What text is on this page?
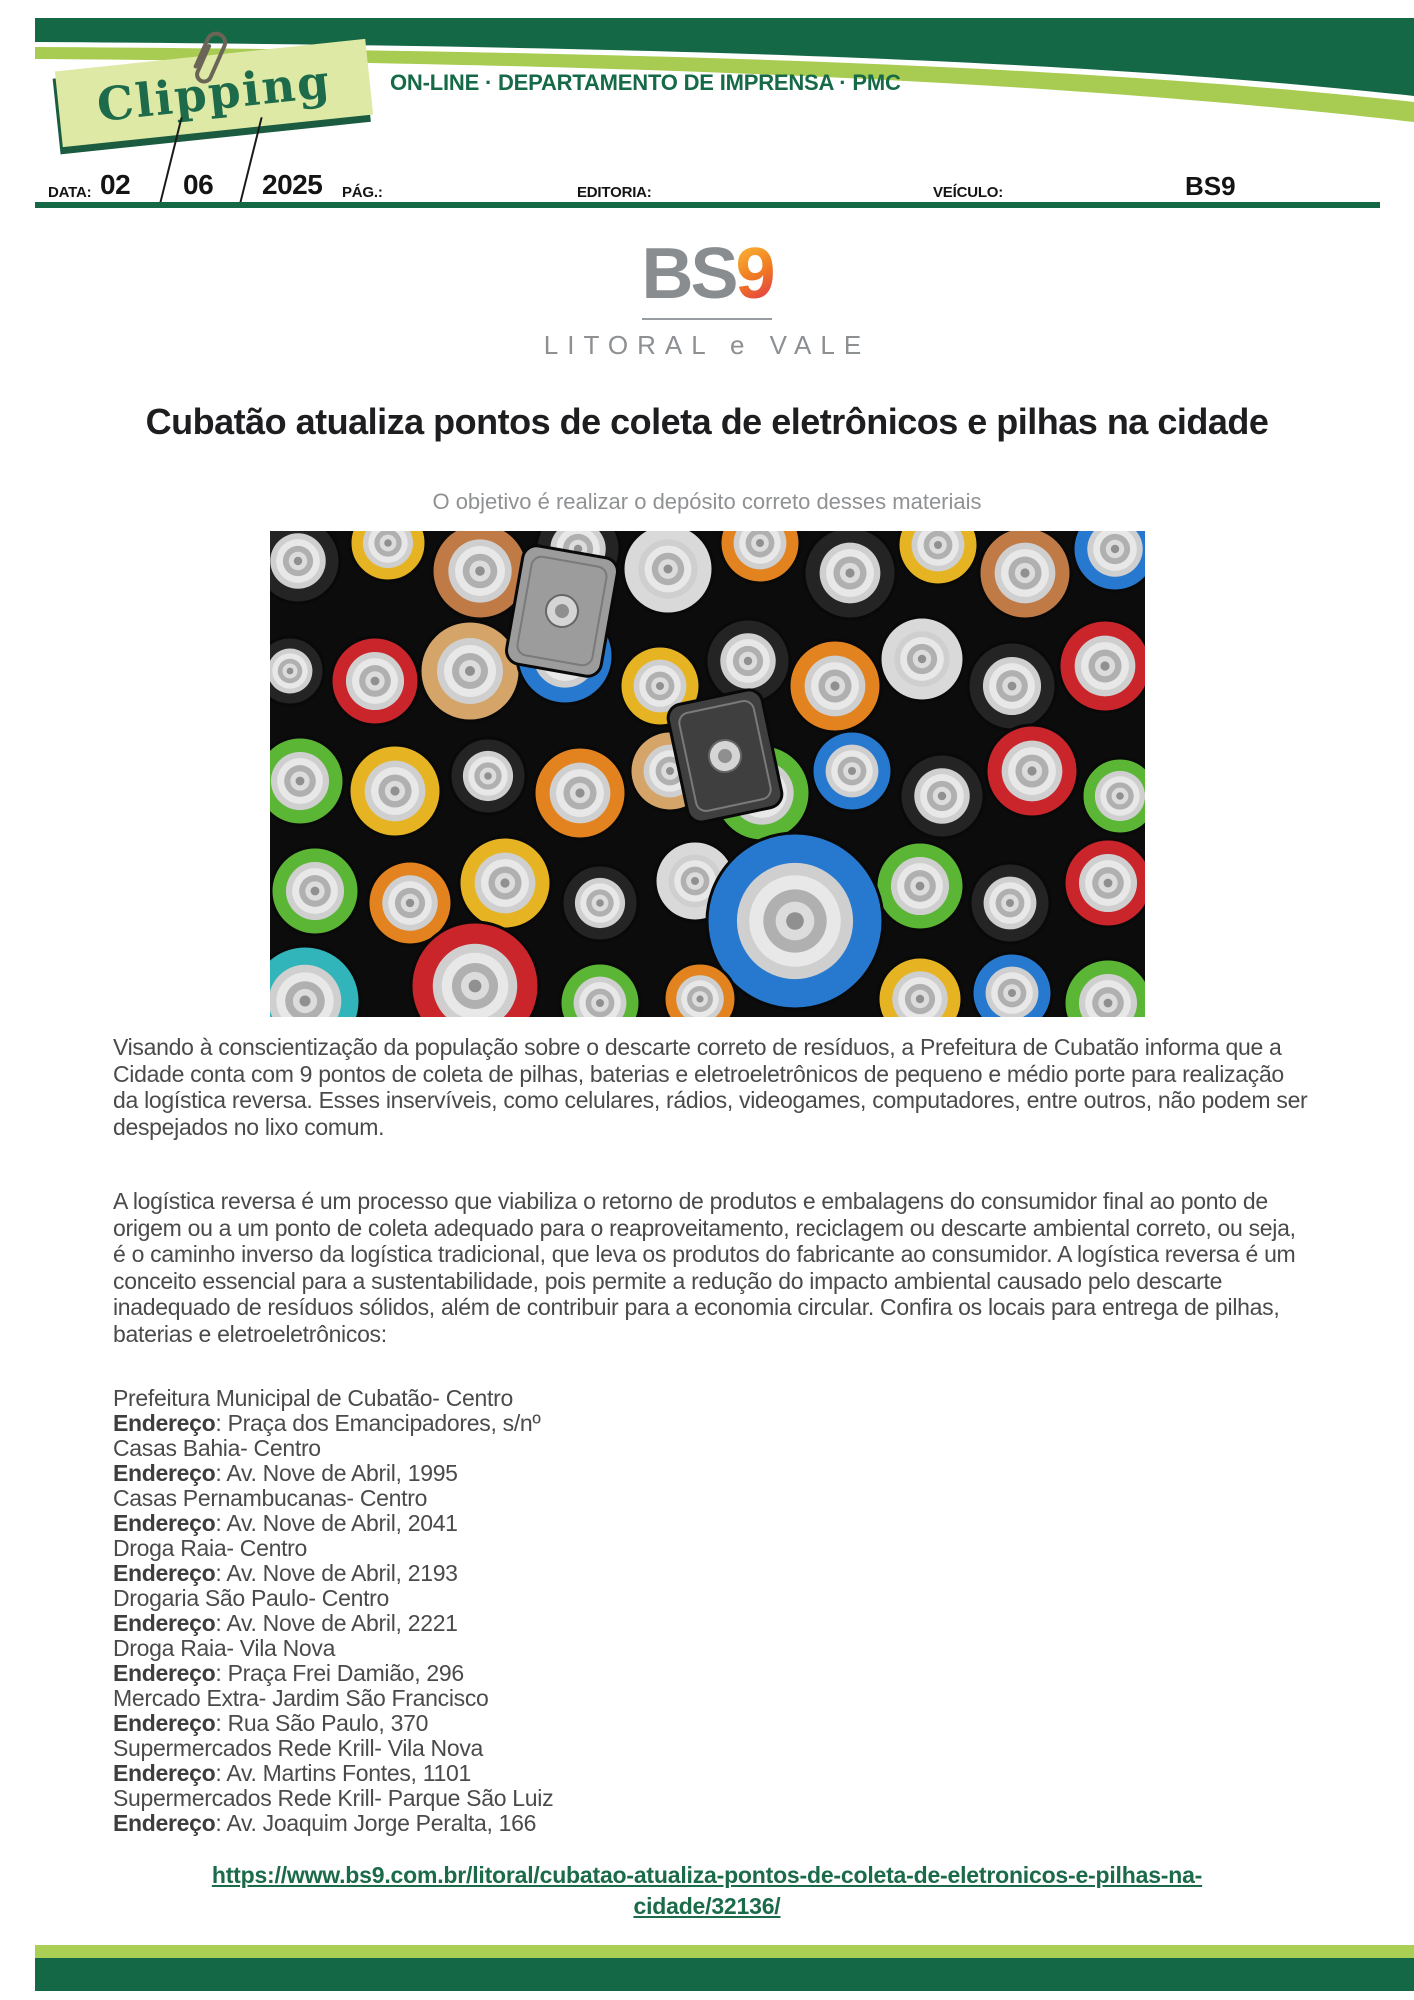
Clipping	ON-LINE · DEPARTAMENTO DE IMPRENSA · PMC
DATA: 02 06 2025 PÁG.:	EDITORIA:	VEÍCULO:	BS9
BS9
LITORAL e VALE
Cubatão atualiza pontos de coleta de eletrônicos e pilhas na cidade
O objetivo é realizar o depósito correto desses materiais
Visando à conscientização da população sobre o descarte correto de resíduos, a Prefeitura de Cubatão informa que a Cidade conta com 9 pontos de coleta de pilhas, baterias e eletroeletrônicos de pequeno e médio porte para realização da logística reversa. Esses inservíveis, como celulares, rádios, videogames, computadores, entre outros, não podem ser despejados no lixo comum.
A logística reversa é um processo que viabiliza o retorno de produtos e embalagens do consumidor final ao ponto de origem ou a um ponto de coleta adequado para o reaproveitamento, reciclagem ou descarte ambiental correto, ou seja, é o caminho inverso da logística tradicional, que leva os produtos do fabricante ao consumidor. A logística reversa é um conceito essencial para a sustentabilidade, pois permite a redução do impacto ambiental causado pelo descarte inadequado de resíduos sólidos, além de contribuir para a economia circular. Confira os locais para entrega de pilhas, baterias e eletroeletrônicos:
Prefeitura Municipal de Cubatão- Centro
Endereço: Praça dos Emancipadores, s/nº
Casas Bahia- Centro
Endereço: Av. Nove de Abril, 1995
Casas Pernambucanas- Centro
Endereço: Av. Nove de Abril, 2041
Droga Raia- Centro
Endereço: Av. Nove de Abril, 2193
Drogaria São Paulo- Centro
Endereço: Av. Nove de Abril, 2221
Droga Raia- Vila Nova
Endereço: Praça Frei Damião, 296
Mercado Extra- Jardim São Francisco
Endereço: Rua São Paulo, 370
Supermercados Rede Krill- Vila Nova
Endereço: Av. Martins Fontes, 1101
Supermercados Rede Krill- Parque São Luiz
Endereço: Av. Joaquim Jorge Peralta, 166
https://www.bs9.com.br/litoral/cubatao-atualiza-pontos-de-coleta-de-eletronicos-e-pilhas-na-cidade/32136/
